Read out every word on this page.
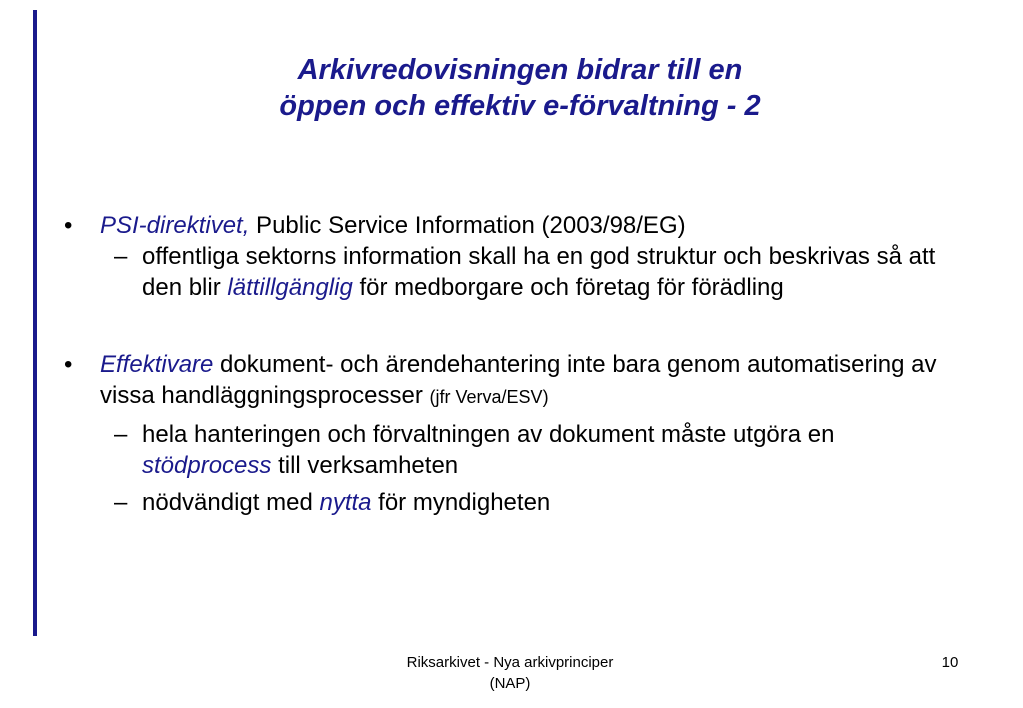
Arkivredovisningen bidrar till en
öppen och effektiv e-förvaltning - 2

• PSI-direktivet, Public Service Information (2003/98/EG)

– offentliga sektorns information skall ha en god struktur och beskrivas så att den blir lättillgänglig för medborgare och företag för förädling

• Effektivare dokument- och ärendehantering inte bara genom automatisering av vissa handläggningsprocesser (jfr Verva/ESV)

– hela hanteringen och förvaltningen av dokument måste utgöra en stödprocess till verksamheten

– nödvändigt med nytta för myndigheten

Riksarkivet - Nya arkivprinciper
(NAP)
10
